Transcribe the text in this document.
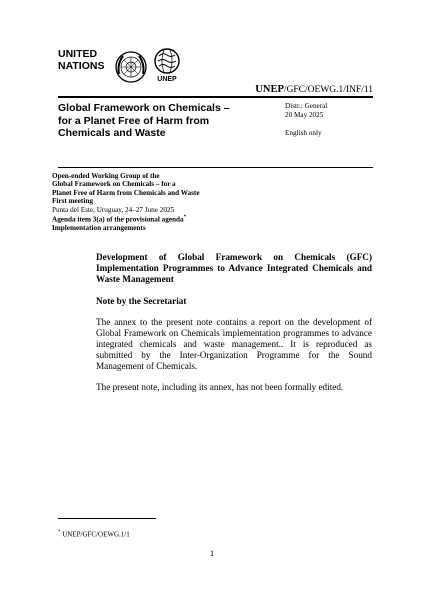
UNITED
NATIONS
UNEP
UNEP/GFC/OEWG.1/INF/11
Global Framework on Chemicals –
for a Planet Free of Harm from
Chemicals and Waste
Distr.: General
20 May 2025
English only
Open-ended Working Group of the
Global Framework on Chemicals – for a
Planet Free of Harm from Chemicals and Waste
First meeting
Punta del Este, Uruguay, 24–27 June 2025
Agenda item 3(a) of the provisional agenda*
Implementation arrangements

Development of Global Framework on Chemicals (GFC) Implementation Programmes to Advance Integrated Chemicals and Waste Management

Note by the Secretariat

The annex to the present note contains a report on the development of Global Framework on Chemicals implementation programmes to advance integrated chemicals and waste management.. It is reproduced as submitted by the Inter-Organization Programme for the Sound Management of Chemicals.

The present note, including its annex, has not been formally edited.

* UNEP/GFC/OEWG.1/1
1
